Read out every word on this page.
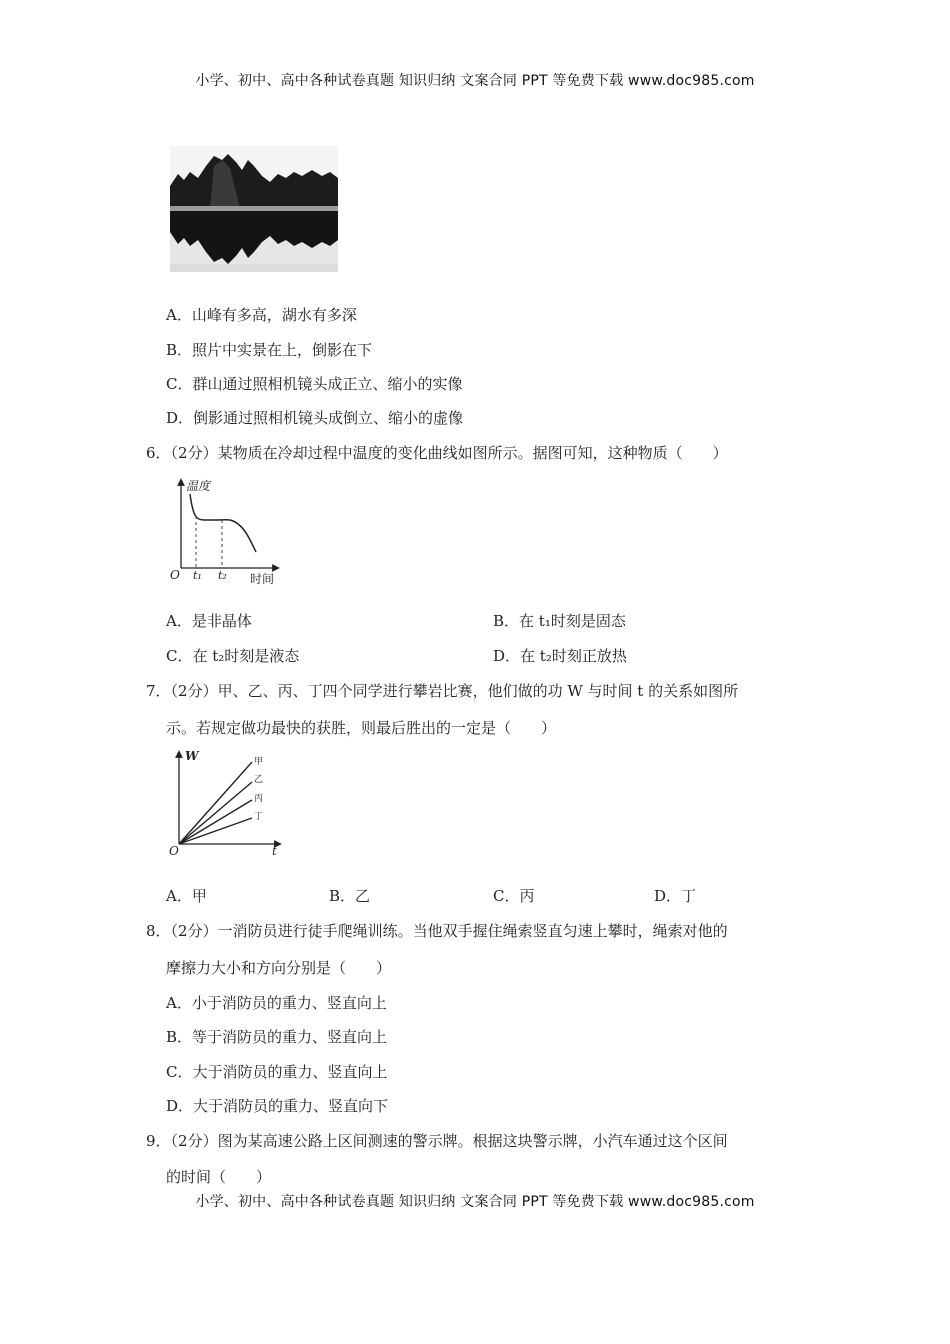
小学、初中、高中各种试卷真题 知识归纳 文案合同 PPT 等免费下载 www.doc985.com
A．山峰有多高，湖水有多深
B．照片中实景在上，倒影在下
C．群山通过照相机镜头成正立、缩小的实像
D．倒影通过照相机镜头成倒立、缩小的虚像
6．（2分）某物质在冷却过程中温度的变化曲线如图所示。据图可知，这种物质（　　）
温度
O t₁ t₂ 时间
A．是非晶体	B．在 t₁时刻是固态
C．在 t₂时刻是液态	D．在 t₂时刻正放热
7．（2分）甲、乙、丙、丁四个同学进行攀岩比赛，他们做的功 W 与时间 t 的关系如图所
示。若规定做功最快的获胜，则最后胜出的一定是（　　）
W
O	t
甲
乙
丙
丁
A．甲	B．乙	C．丙	D．丁
8．（2分）一消防员进行徒手爬绳训练。当他双手握住绳索竖直匀速上攀时，绳索对他的
摩擦力大小和方向分别是（　　）
A．小于消防员的重力、竖直向上
B．等于消防员的重力、竖直向上
C．大于消防员的重力、竖直向上
D．大于消防员的重力、竖直向下
9．（2分）图为某高速公路上区间测速的警示牌。根据这块警示牌，小汽车通过这个区间
的时间（　　）
小学、初中、高中各种试卷真题 知识归纳 文案合同 PPT 等免费下载 www.doc985.com
